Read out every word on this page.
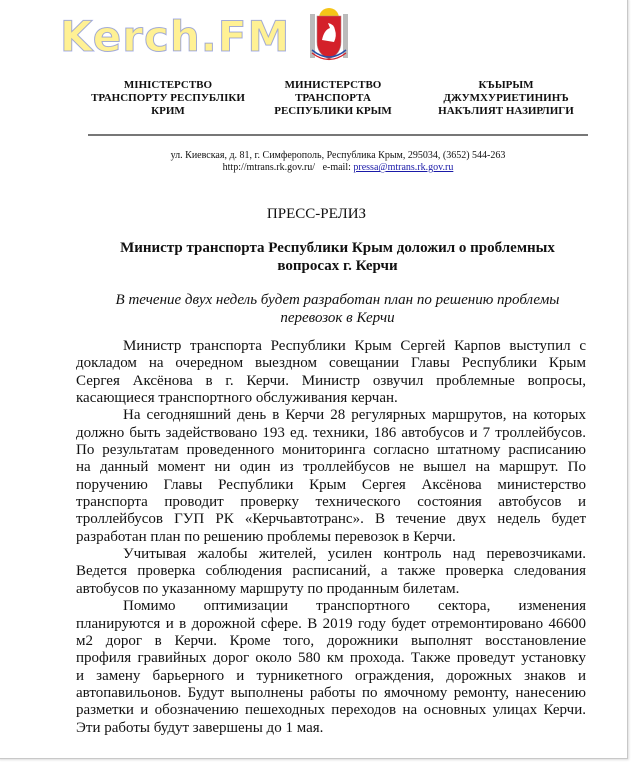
Kerch.FM
МІНІСТЕРСТВО
ТРАНСПОРТУ РЕСПУБЛІКИ
КРИМ
МИНИСТЕРСТВО
ТРАНСПОРТА
РЕСПУБЛИКИ КРЫМ
КЪЫРЫМ
ДЖУМХУРИЕТИНИНЪ
НАКЪЛИЯТ НАЗИРЛИГИ
ул. Киевская, д. 81, г. Симферополь, Республика Крым, 295034, (3652) 544-263
http://mtrans.rk.gov.ru/ e-mail: pressa@mtrans.rk.gov.ru
ПРЕСС-РЕЛИЗ
Министр транспорта Республики Крым доложил о проблемных
вопросах г. Керчи
В течение двух недель будет разработан план по решению проблемы
перевозок в Керчи
Министр транспорта Республики Крым Сергей Карпов выступил с
докладом на очередном выездном совещании Главы Республики Крым
Сергея Аксёнова в г. Керчи. Министр озвучил проблемные вопросы,
касающиеся транспортного обслуживания керчан.
На сегодняшний день в Керчи 28 регулярных маршрутов, на которых
должно быть задействовано 193 ед. техники, 186 автобусов и 7 троллейбусов.
По результатам проведенного мониторинга согласно штатному расписанию
на данный момент ни один из троллейбусов не вышел на маршрут. По
поручению Главы Республики Крым Сергея Аксёнова министерство
транспорта проводит проверку технического состояния автобусов и
троллейбусов ГУП РК «Керчьавтотранс». В течение двух недель будет
разработан план по решению проблемы перевозок в Керчи.
Учитывая жалобы жителей, усилен контроль над перевозчиками.
Ведется проверка соблюдения расписаний, а также проверка следования
автобусов по указанному маршруту по проданным билетам.
Помимо оптимизации транспортного сектора, изменения
планируются и в дорожной сфере. В 2019 году будет отремонтировано 46600
м2 дорог в Керчи. Кроме того, дорожники выполнят восстановление
профиля гравийных дорог около 580 км прохода. Также проведут установку
и замену барьерного и турникетного ограждения, дорожных знаков и
автопавильонов. Будут выполнены работы по ямочному ремонту, нанесению
разметки и обозначению пешеходных переходов на основных улицах Керчи.
Эти работы будут завершены до 1 мая.
